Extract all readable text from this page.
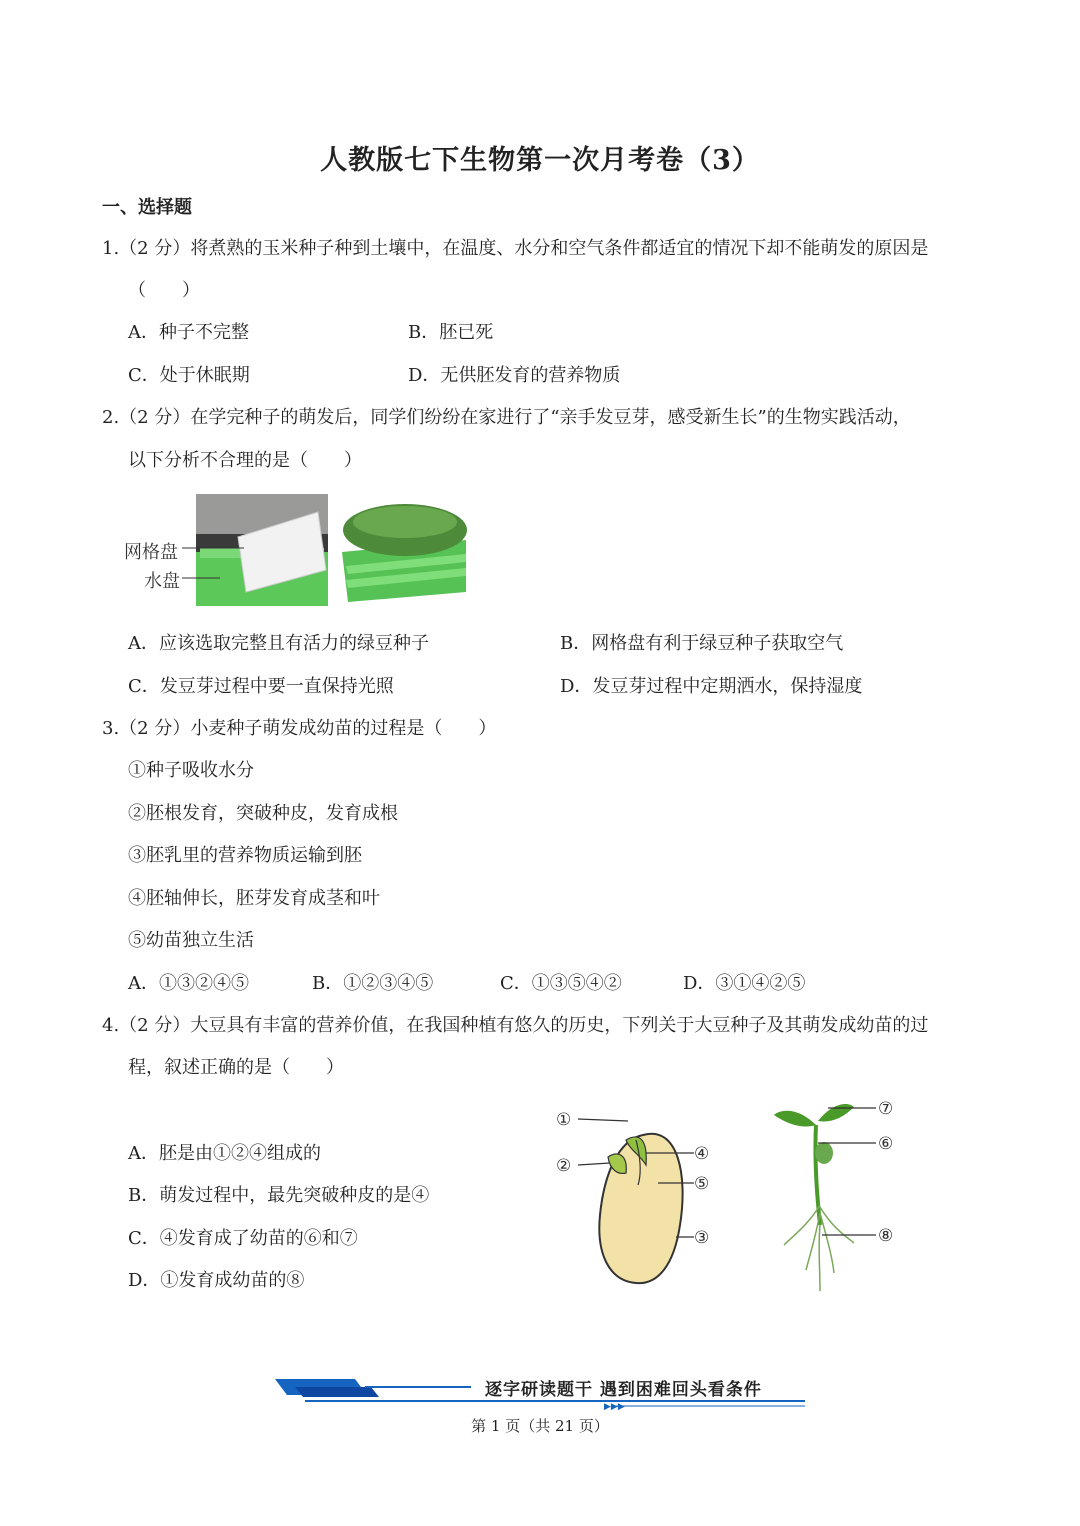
人教版七下生物第一次月考卷（3）
一、选择题
1.（2 分）将煮熟的玉米种子种到土壤中，在温度、水分和空气条件都适宜的情况下却不能萌发的原因是
（　　）
A．种子不完整	B．胚已死
C．处于休眠期	D．无供胚发育的营养物质
2.（2 分）在学完种子的萌发后，同学们纷纷在家进行了“亲手发豆芽，感受新生长”的生物实践活动，
以下分析不合理的是（　　）
网格盘
水盘
A．应该选取完整且有活力的绿豆种子	B．网格盘有利于绿豆种子获取空气
C．发豆芽过程中要一直保持光照	D．发豆芽过程中定期洒水，保持湿度
3.（2 分）小麦种子萌发成幼苗的过程是（　　）
①种子吸收水分
②胚根发育，突破种皮，发育成根
③胚乳里的营养物质运输到胚
④胚轴伸长，胚芽发育成茎和叶
⑤幼苗独立生活
A．①③②④⑤	B．①②③④⑤	C．①③⑤④②	D．③①④②⑤
4.（2 分）大豆具有丰富的营养价值，在我国种植有悠久的历史，下列关于大豆种子及其萌发成幼苗的过
程，叙述正确的是（　　）
A．胚是由①②④组成的
B．萌发过程中，最先突破种皮的是④
C．④发育成了幼苗的⑥和⑦
D．①发育成幼苗的⑧
①
②
④
⑤
③
⑦
⑥
⑧
逐字研读题干 遇到困难回头看条件
▶▶▶
第 1 页（共 21 页）
